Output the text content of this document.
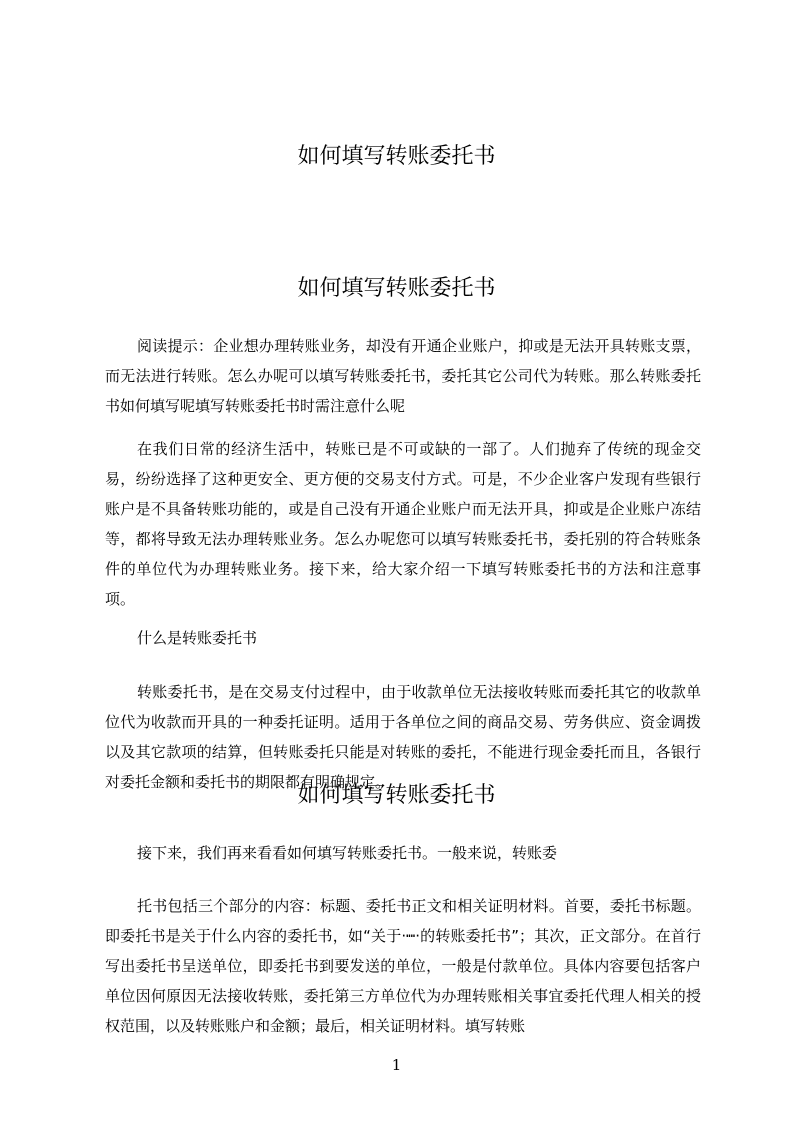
如何填写转账委托书
如何填写转账委托书

阅读提示：企业想办理转账业务，却没有开通企业账户，抑或是无法开具转账支票，而无法进行转账。怎么办呢可以填写转账委托书，委托其它公司代为转账。那么转账委托书如何填写呢填写转账委托书时需注意什么呢

在我们日常的经济生活中，转账已是不可或缺的一部了。人们抛弃了传统的现金交易，纷纷选择了这种更安全、更方便的交易支付方式。可是，不少企业客户发现有些银行账户是不具备转账功能的，或是自己没有开通企业账户而无法开具，抑或是企业账户冻结等，都将导致无法办理转账业务。怎么办呢您可以填写转账委托书，委托别的符合转账条件的单位代为办理转账业务。接下来，给大家介绍一下填写转账委托书的方法和注意事项。

什么是转账委托书

转账委托书，是在交易支付过程中，由于收款单位无法接收转账而委托其它的收款单位代为收款而开具的一种委托证明。适用于各单位之间的商品交易、劳务供应、资金调拨以及其它款项的结算，但转账委托只能是对转账的委托，不能进行现金委托而且，各银行对委托金额和委托书的期限都有明确规定。

如何填写转账委托书

接下来，我们再来看看如何填写转账委托书。一般来说，转账委

托书包括三个部分的内容：标题、委托书正文和相关证明材料。首要，委托书标题。即委托书是关于什么内容的委托书，如“关于·┉·的转账委托书”；其次，正文部分。在首行写出委托书呈送单位，即委托书到要发送的单位，一般是付款单位。具体内容要包括客户单位因何原因无法接收转账，委托第三方单位代为办理转账相关事宜委托代理人相关的授权范围，以及转账账户和金额；最后，相关证明材料。填写转账

1
